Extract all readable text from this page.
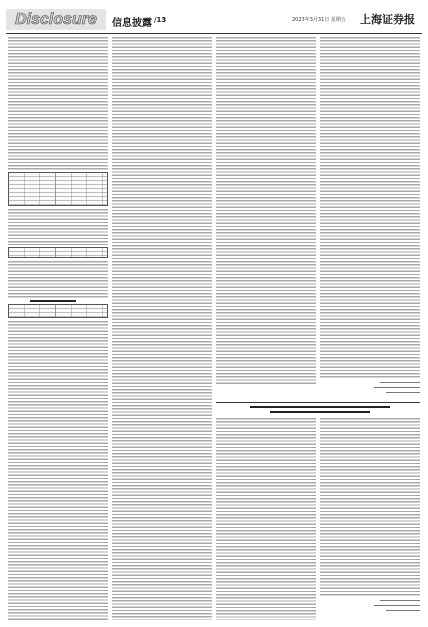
Disclosure 信息披露 /13	2023年3月31日 星期五 上海证券报
